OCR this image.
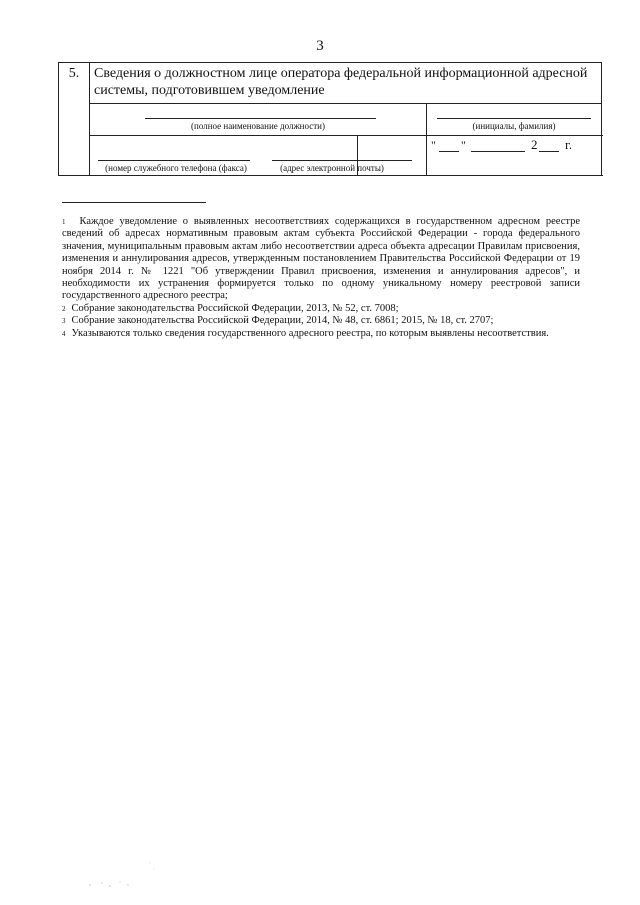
3
5.	Сведения о должностном лице оператора федеральной информационной адресной системы, подготовившем уведомление		

	(полное наименование должности)		(инициалы, фамилия)

	(номер служебного телефона (факса)	(адрес электронной почты)	" " 2 г.

$^1$ Каждое уведомление о выявленных несоответствиях содержащихся в государственном адресном реестре сведений об адресах нормативным правовым актам субъекта Российской Федерации - города федерального значения, муниципальным правовым актам либо несоответствии адреса объекта адресации Правилам присвоения, изменения и аннулирования адресов, утвержденным постановлением Правительства Российской Федерации от 19 ноября 2014 г. № 1221 "Об утверждении Правил присвоения, изменения и аннулирования адресов", и необходимости их устранения формируется только по одному уникальному номеру реестровой записи государственного адресного реестра;

$^2$ Собрание законодательства Российской Федерации, 2013, № 52, ст. 7008;

$^3$ Собрание законодательства Российской Федерации, 2014, № 48, ст. 6861; 2015, № 18, ст. 2707;

$^4$ Указываются только сведения государственного адресного реестра, по которым выявлены несоответствия.
